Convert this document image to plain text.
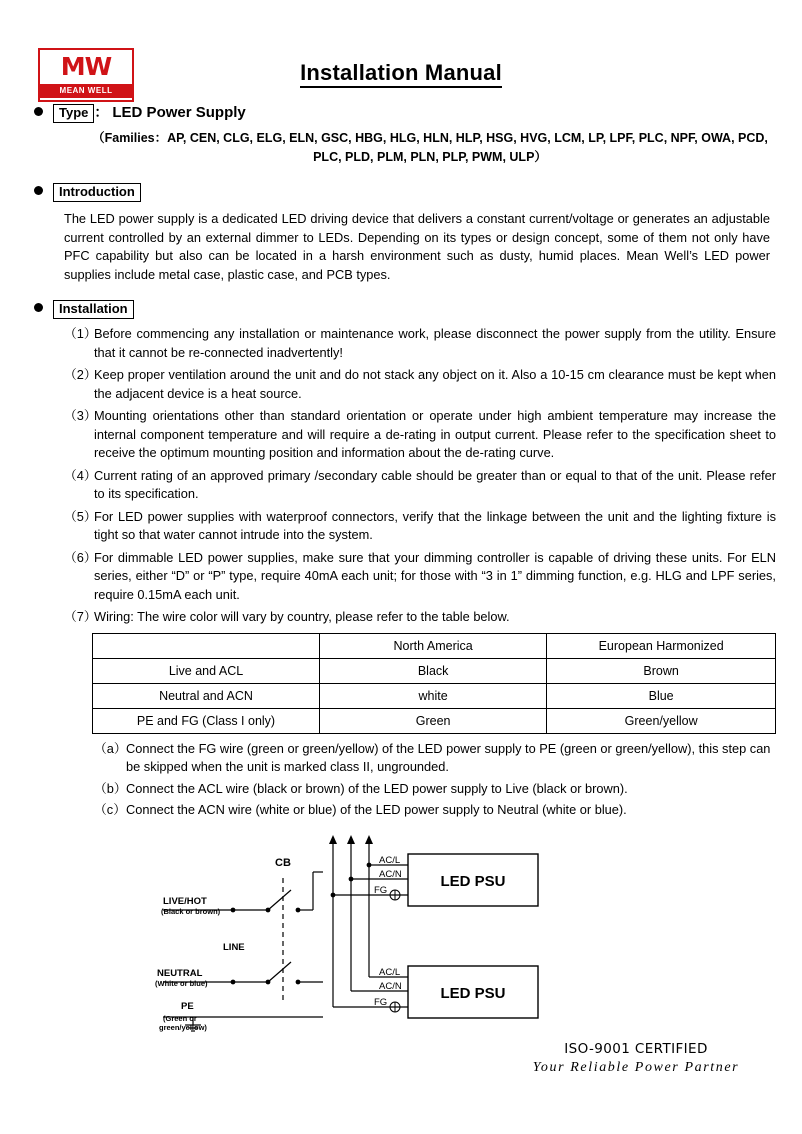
MW
MEAN WELL
Installation Manual
Type ： LED Power Supply
（Families：AP, CEN, CLG, ELG, ELN, GSC, HBG, HLG, HLN, HLP, HSG, HVG, LCM, LP, LPF, PLC, NPF, OWA, PCD,
PLC, PLD, PLM, PLN, PLP, PWM, ULP）
Introduction
The LED power supply is a dedicated LED driving device that delivers a constant current/voltage or generates an adjustable current controlled by an external dimmer to LEDs. Depending on its types or design concept, some of them not only have PFC capability but also can be located in a harsh environment such as dusty, humid places. Mean Well’s LED power supplies include metal case, plastic case, and PCB types.
Installation
（1）
Before commencing any installation or maintenance work, please disconnect the power supply from the utility. Ensure that it cannot be re-connected inadvertently!
（2）
Keep proper ventilation around the unit and do not stack any object on it. Also a 10-15 cm clearance must be kept when the adjacent device is a heat source.
（3）
Mounting orientations other than standard orientation or operate under high ambient temperature may increase the internal component temperature and will require a de-rating in output current. Please refer to the specification sheet to receive the optimum mounting position and information about the de-rating curve.
（4）
Current rating of an approved primary /secondary cable should be greater than or equal to that of the unit. Please refer to its specification.
（5）
For LED power supplies with waterproof connectors, verify that the linkage between the unit and the lighting fixture is tight so that water cannot intrude into the system.
（6）
For dimmable LED power supplies, make sure that your dimming controller is capable of driving these units. For ELN series, either “D” or “P” type, require 40mA each unit; for those with “3 in 1” dimming function, e.g. HLG and LPF series, require 0.15mA each unit.
（7）
Wiring: The wire color will vary by country, please refer to the table below.
	North America	European Harmonized
Live and ACL	Black	Brown
Neutral and ACN	white	Blue
PE and FG (Class I only)	Green	Green/yellow
（a） Connect the FG wire (green or green/yellow) of the LED power supply to PE (green or green/yellow), this step can be skipped when the unit is marked class II, ungrounded.
（b） Connect the ACL wire (black or brown) of the LED power supply to Live (black or brown).
（c） Connect the ACN wire (white or blue) of the LED power supply to Neutral (white or blue).
LED PSU
LED PSU
AC/L
AC/N
FG
AC/L
AC/N
FG
CB
LIVE/HOT
(Black or brown)
LINE
NEUTRAL
(White or blue)
PE
(Green or
green/yellow)
ISO-9001 CERTIFIED
Your Reliable Power Partner
